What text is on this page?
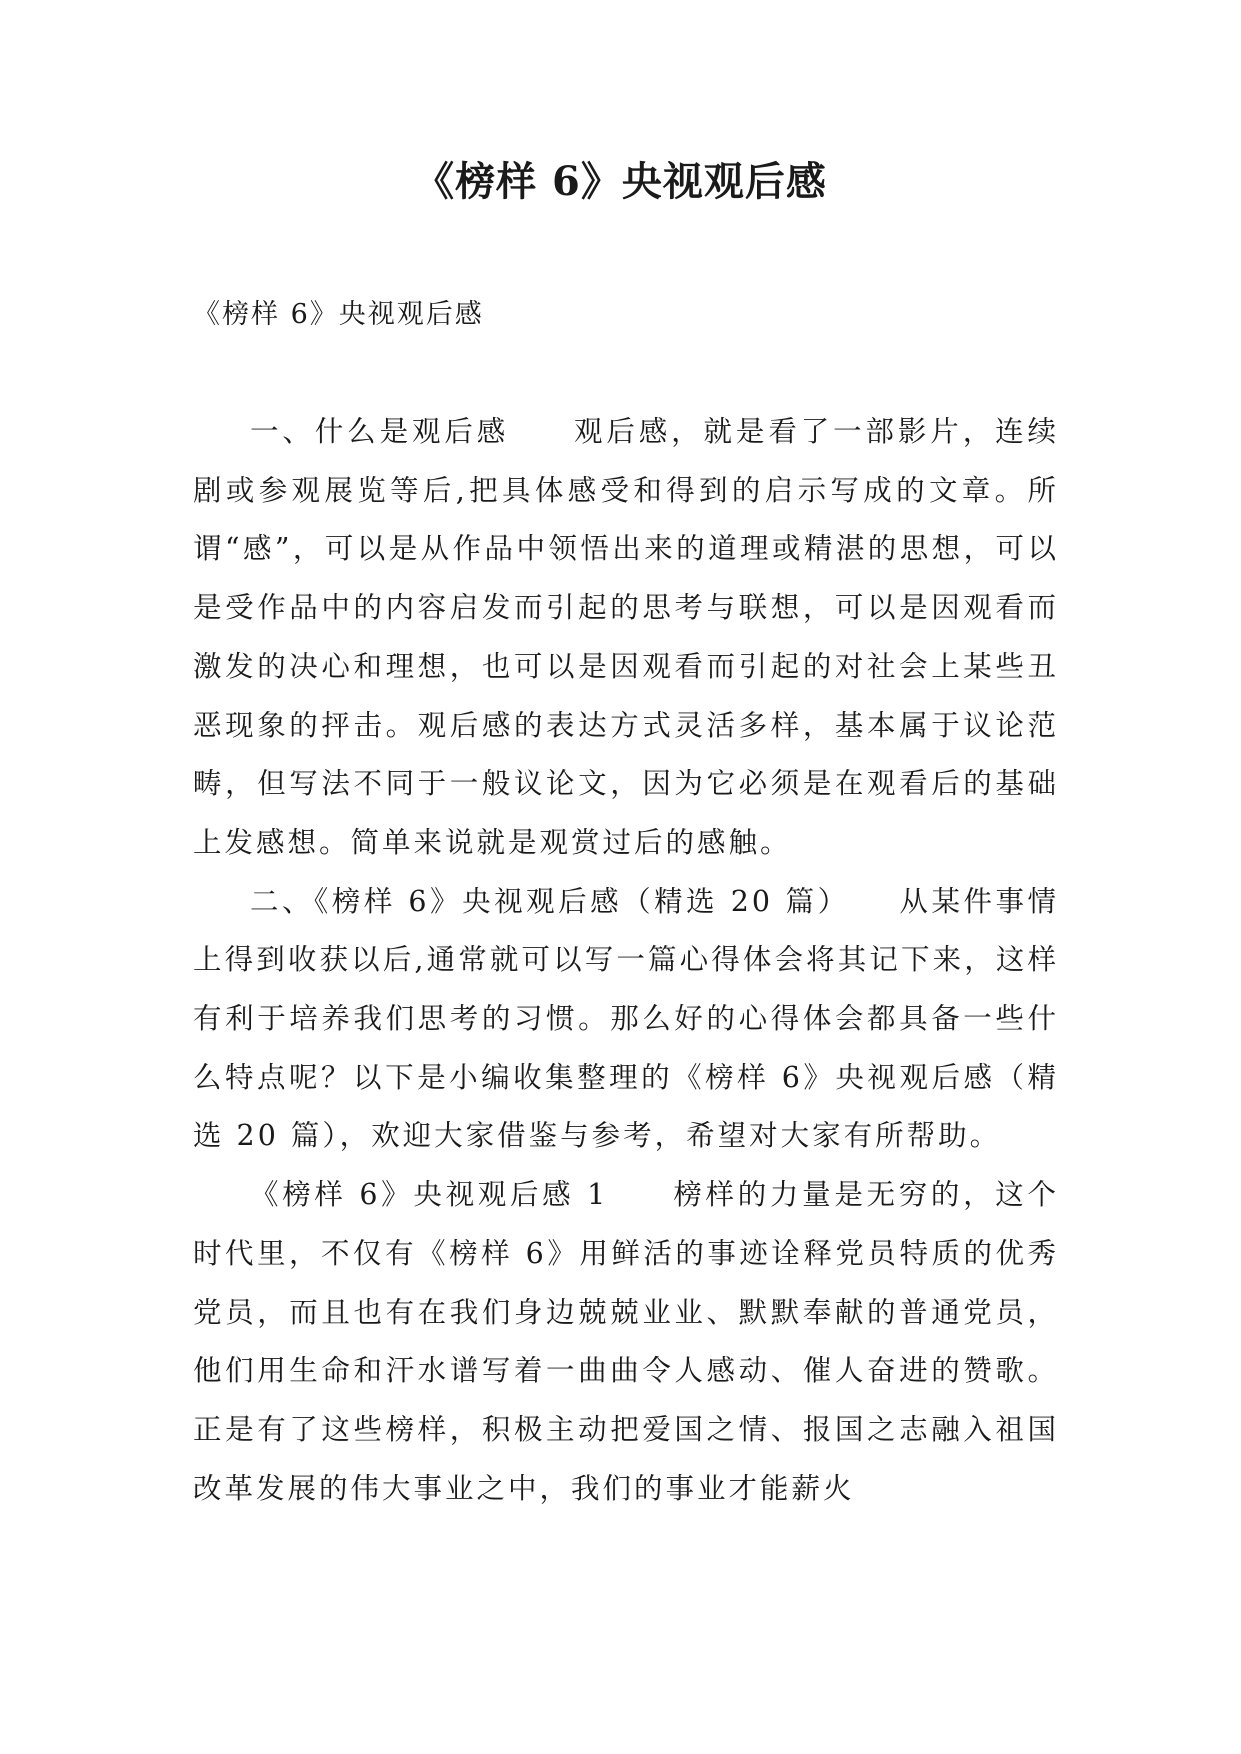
《榜样 6》央视观后感

《榜样 6》央视观后感

一、什么是观后感　　观后感，就是看了一部影片，连续剧或参观展览等后,把具体感受和得到的启示写成的文章。所谓“感”，可以是从作品中领悟出来的道理或精湛的思想，可以是受作品中的内容启发而引起的思考与联想，可以是因观看而激发的决心和理想，也可以是因观看而引起的对社会上某些丑恶现象的抨击。观后感的表达方式灵活多样，基本属于议论范畴，但写法不同于一般议论文，因为它必须是在观看后的基础上发感想。简单来说就是观赏过后的感触。

二、《榜样 6》央视观后感（精选 20 篇）　　从某件事情上得到收获以后,通常就可以写一篇心得体会将其记下来，这样有利于培养我们思考的习惯。那么好的心得体会都具备一些什么特点呢？以下是小编收集整理的《榜样 6》央视观后感（精选 20 篇），欢迎大家借鉴与参考，希望对大家有所帮助。

《榜样 6》央视观后感 1　　榜样的力量是无穷的，这个时代里，不仅有《榜样 6》用鲜活的事迹诠释党员特质的优秀党员，而且也有在我们身边兢兢业业、默默奉献的普通党员，他们用生命和汗水谱写着一曲曲令人感动、催人奋进的赞歌。正是有了这些榜样，积极主动把爱国之情、报国之志融入祖国改革发展的伟大事业之中，我们的事业才能薪火
